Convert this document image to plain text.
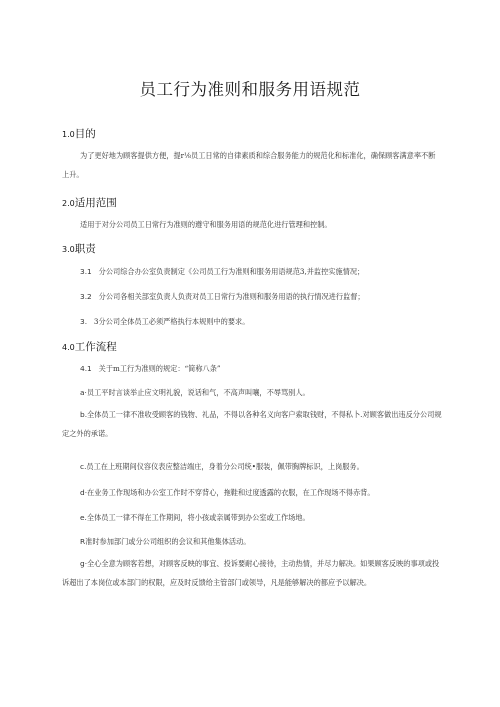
员工行为准则和服务用语规范
1.0目的
为了更好地为顾客提供方便，提r⅛员工日常的自律素质和综合服务能力的规范化和标准化，确保顾客满意率不断上升。
2.0适用范围
适用于对分公司员工日常行为准则的遵守和服务用语的规范化进行管理和控制。
3.0职责
3.1 分公司综合办公室负责制定《公司员工行为准则和服务用语规范3,并监控实施情况；
3.2 分公司各相关部室负责人负责对员工日常行为准则和服务用语的执行情况进行监督；
3. 3分公司全体员工必须严格执行本规则中的要求。
4.0工作流程
4.1 关于m工行为准则的规定：“简称八条”
a·员工平时言谈举止应文明礼貌，说话和气，不高声叫嚷，不辱骂别人。
b.全体员工一律不准收受顾客的钱物、礼品，不得以各种名义向客户索取钱财，不得私卜.对顾客做出违反分公司规定之外的承诺。
c.员工在上班期间仪容仪表应整洁端庄，身着分公司统•服装，佩带胸牌标识，上岗服务。
d·在业务工作现场和办公室工作时不穿背心，拖鞋和过度透露的衣服，在工作现场不得赤背。
e.全体员工一律不得在工作期间，将小孩或亲属带到办公室或工作场地。
R准时参加部门或分公司组织的会议和其他集体活动。
g·全心全意为顾客若想，对顾客反映的事宜、投诉要耐心接待，主动热情，并尽力解决。如果顾客反映的事项或投诉超出了本岗位或本部门的权限，应及时反馈给主管部门或领导，凡是能够解决的都应予以解决。
